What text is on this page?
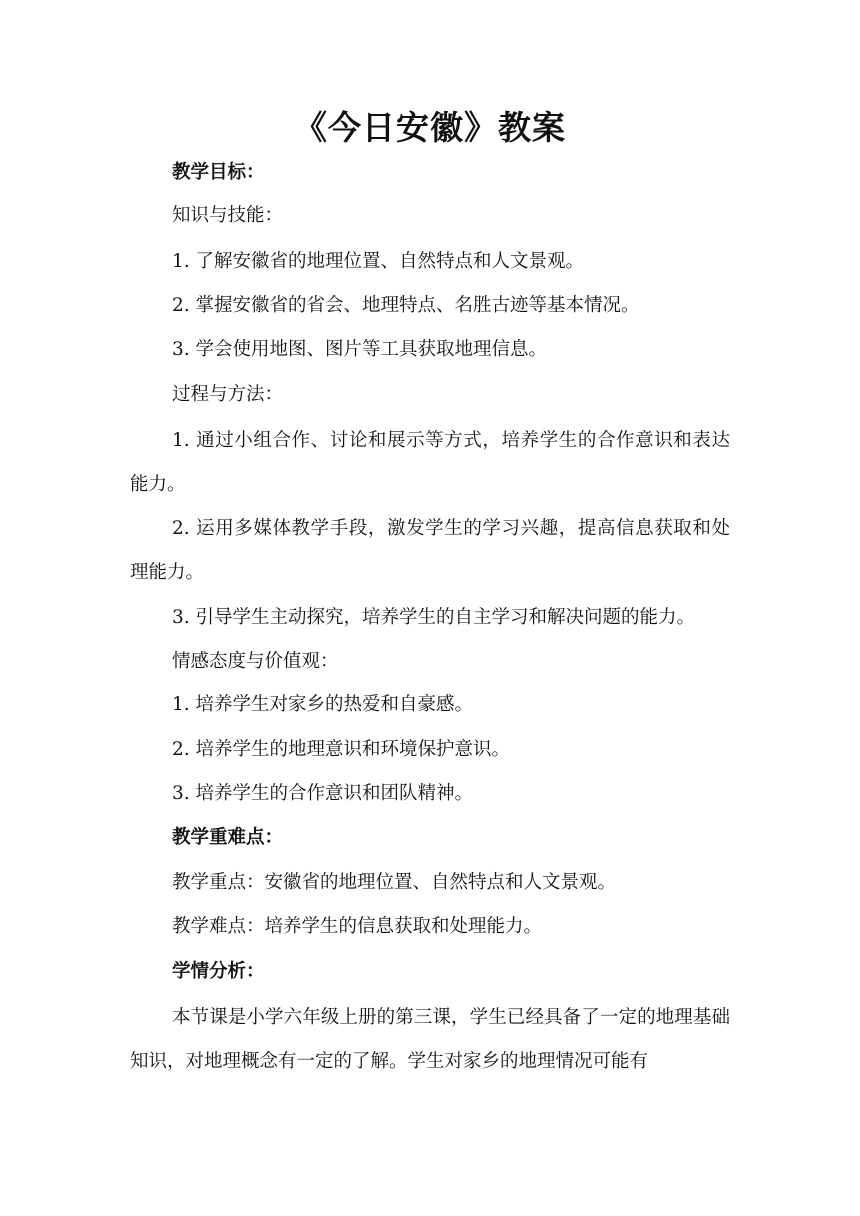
《今日安徽》教案
教学目标：
知识与技能：
1. 了解安徽省的地理位置、自然特点和人文景观。
2. 掌握安徽省的省会、地理特点、名胜古迹等基本情况。
3. 学会使用地图、图片等工具获取地理信息。
过程与方法：
1. 通过小组合作、讨论和展示等方式，培养学生的合作意识和表达能力。
2. 运用多媒体教学手段，激发学生的学习兴趣，提高信息获取和处理能力。
3. 引导学生主动探究，培养学生的自主学习和解决问题的能力。
情感态度与价值观：
1. 培养学生对家乡的热爱和自豪感。
2. 培养学生的地理意识和环境保护意识。
3. 培养学生的合作意识和团队精神。
教学重难点：
教学重点：安徽省的地理位置、自然特点和人文景观。
教学难点：培养学生的信息获取和处理能力。
学情分析：
本节课是小学六年级上册的第三课，学生已经具备了一定的地理基础知识，对地理概念有一定的了解。学生对家乡的地理情况可能有
